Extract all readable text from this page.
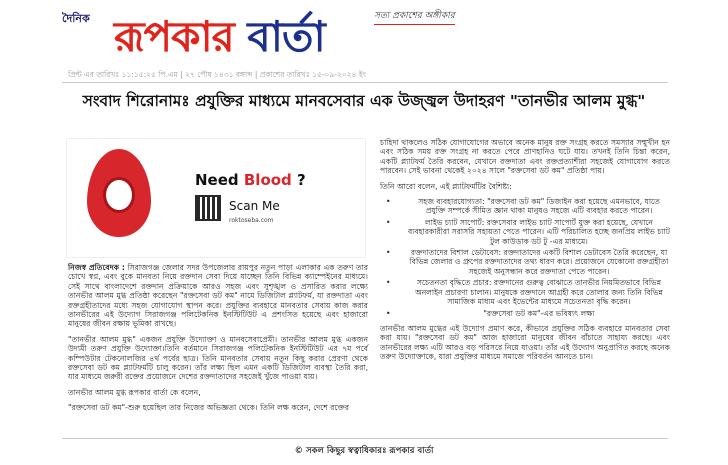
দৈনিক রূপকার বার্তা	সত্য প্রকাশের অঙ্গীকার
প্রিন্ট এর তারিখঃ ১১:১৫:২৫ পি.এম | ২৭ পৌষ ১৪৩১ বঙ্গাব্দ | প্রকাশের তারিখঃ ১৫-০৯-২০২৪ ইং
সংবাদ শিরোনামঃ প্রযুক্তির মাধ্যমে মানবসেবার এক উজ্জ্বল উদাহরণ "তানভীর আলম মুগ্ধ"
Need Blood ?
Scan Me
roktoseba.com

নিজস্ব প্রতিবেদক : সিরাজগঞ্জ জেলার সদর উপজেলার রায়পুর নতুন পাড়া এলাকার এক তরুণ তার চোখে স্বপ্ন, এবং বুকে মানবতা নিয়ে রক্তদান সেবা দিয়ে যাচ্ছেন তিনি বিভিন্ন ক্যাম্পেইনের মাধ্যমে। সেই সাথে বাংলাদেশে রক্তদান প্রক্রিয়াকে আরও সহজ এবং সুশৃঙ্খল ও প্রসারিত করার লক্ষ্যে তানভীর আলম মুগ্ধ প্রতিষ্ঠা করেছেন "রক্তসেবা ডট কম" নামে ডিজিটাল প্ল্যাটফর্ম, যা রক্তদাতা এবং রক্তগ্রহীতাদের মধ্যে সহজ যোগাযোগ স্থাপন করে। প্রযুক্তির ব্যবহারে মানবতার সেবায় কাজ করার তানভীরের এই উদ্যোগ সিরাজগঞ্জ পলিটেকনিক ইনস্টিটিউট এ প্রশংসিত হয়েছে এবং হাজারো মানুষের জীবন রক্ষায় ভূমিকা রাখছে।

"তানভীর আলম মুগ্ধ" একজন প্রযুক্তি উদ্যোক্তা ও মানবসেবাপ্রেমী। তানভীর আলম মুগ্ধ একজন উদ্যমী তরুণ প্রযুক্তি উদ্যোক্তা।তিনি বর্তমানে সিরাজগঞ্জ পলিটেকনিক ইনস্টিটিউট এর ৭ম পর্বে কম্পিউটার টেকনোলজির ৪র্থ পর্বের ছাত্র। তিনি মানবতার সেবায় নতুন কিছু করার প্রেরণা থেকে রক্তসেবা ডট কম প্ল্যাটফর্মটি চালু করেন। তাঁর লক্ষ্য ছিল এমন একটি ডিজিটাল ব্যবস্থা তৈরি করা, যার মাধ্যমে জরুরী রক্তের প্রয়োজনে দেশের রক্তদাতাদের সহজেই খুঁজে পাওয়া যায়।

তানভীর আলম মুগ্ধ রূপকার বার্তা কে বলেন,

"রক্তসেবা ডট কম"-শুরু হয়েছিল তার নিজের অভিজ্ঞতা থেকে। তিনি লক্ষ করেন, দেশে রক্তের

চাহিদা থাকলেও সঠিক যোগাযোগের অভাবে অনেক মানুষ রক্ত সংগ্রহ করতে সমস্যার সম্মুখীন হন এবং সঠিক সময় রক্ত সংগ্রহ না করতে পেরে প্রাণহানিও ঘটে যায়। তখনই তিনি চিন্তা করেন, একটি প্ল্যাটফর্ম তৈরি করবেন, যেখানে রক্তদাতা এবং রক্তপ্রত্যাশীরা সহজেই যোগাযোগ করতে পারবেন। সেই ভাবনা থেকেই ২০২৪ সালে "রক্তসেবা ডট কম" প্রতিষ্ঠা পায়।

তিনি আরো বলেন, এই প্ল্যাটফর্মটির বৈশিষ্ট্য:

• সহজ ব্যবহারযোগ্যতা: "রক্তসেবা ডট কম" ডিজাইন করা হয়েছে এমনভাবে, যাতে প্রযুক্তি সম্পর্কে সীমিত জ্ঞান থাকা মানুষও সহজে এটি ব্যবহার করতে পারেন।
• লাইভ চ্যাট সাপোর্ট: রক্তসেবার লাইভ চ্যাট সাপোর্ট যুক্ত করা হয়েছে, যেখানে ব্যবহারকারীরা সরাসরি সহায়তা পেতে পারেন। এটি পরিচালিত হচ্ছে জনপ্রিয় লাইভ চ্যাট টুল কাউডাক ডট টু -এর মাধ্যমে।
• রক্তদাতাদের বিশাল ডেটাবেস: রক্তদাতাদের একটি বিশাল ডেটাবেস তৈরি করেছেন, যা বিভিন্ন জেলার ও গ্রুপের রক্তদাতাদের তথ্য ধারণ করে। প্রয়োজনে যেকোনো রক্তগ্রহীতা সহজেই অনুসন্ধান করে রক্তদাতা পেতে পারেন।
• সচেতনতা বৃদ্ধিতে প্রচার: রক্তদানের গুরুত্ব বোঝাতে তানভীর নিয়মিতভাবে বিভিন্ন অনলাইন প্রচারণা চালান। মানুষকে রক্তদানে আগ্রহী করে তোলার জন্য তিনি বিভিন্ন সামাজিক মাধ্যম এবং ইভেন্টের মাধ্যমে সচেতনতা বৃদ্ধি করেন।
• "রক্তসেবা ডট কম"-এর ভবিষ্যৎ লক্ষ্য

তানভীর আলম মুগ্ধের এই উদ্যোগ প্রমাণ করে, কীভাবে প্রযুক্তির সঠিক ব্যবহারে মানবতার সেবা করা যায়। "রক্তসেবা ডট কম" আজ হাজারো মানুষের জীবন বাঁচাতে সাহায্য করছে। এবং তানভীরের লক্ষ্য এটি আরও বড় পরিসরে নিয়ে যাওয়া। তাঁর এই উদ্যোগ অনুপ্রাণিত করছে অনেক তরুণ উদ্যোক্তাকে, যারা প্রযুক্তির মাধ্যমে সমাজে পরিবর্তন আনতে চান।

© সকল কিছুর স্বত্বাধিকারঃ রূপকার বার্তা
